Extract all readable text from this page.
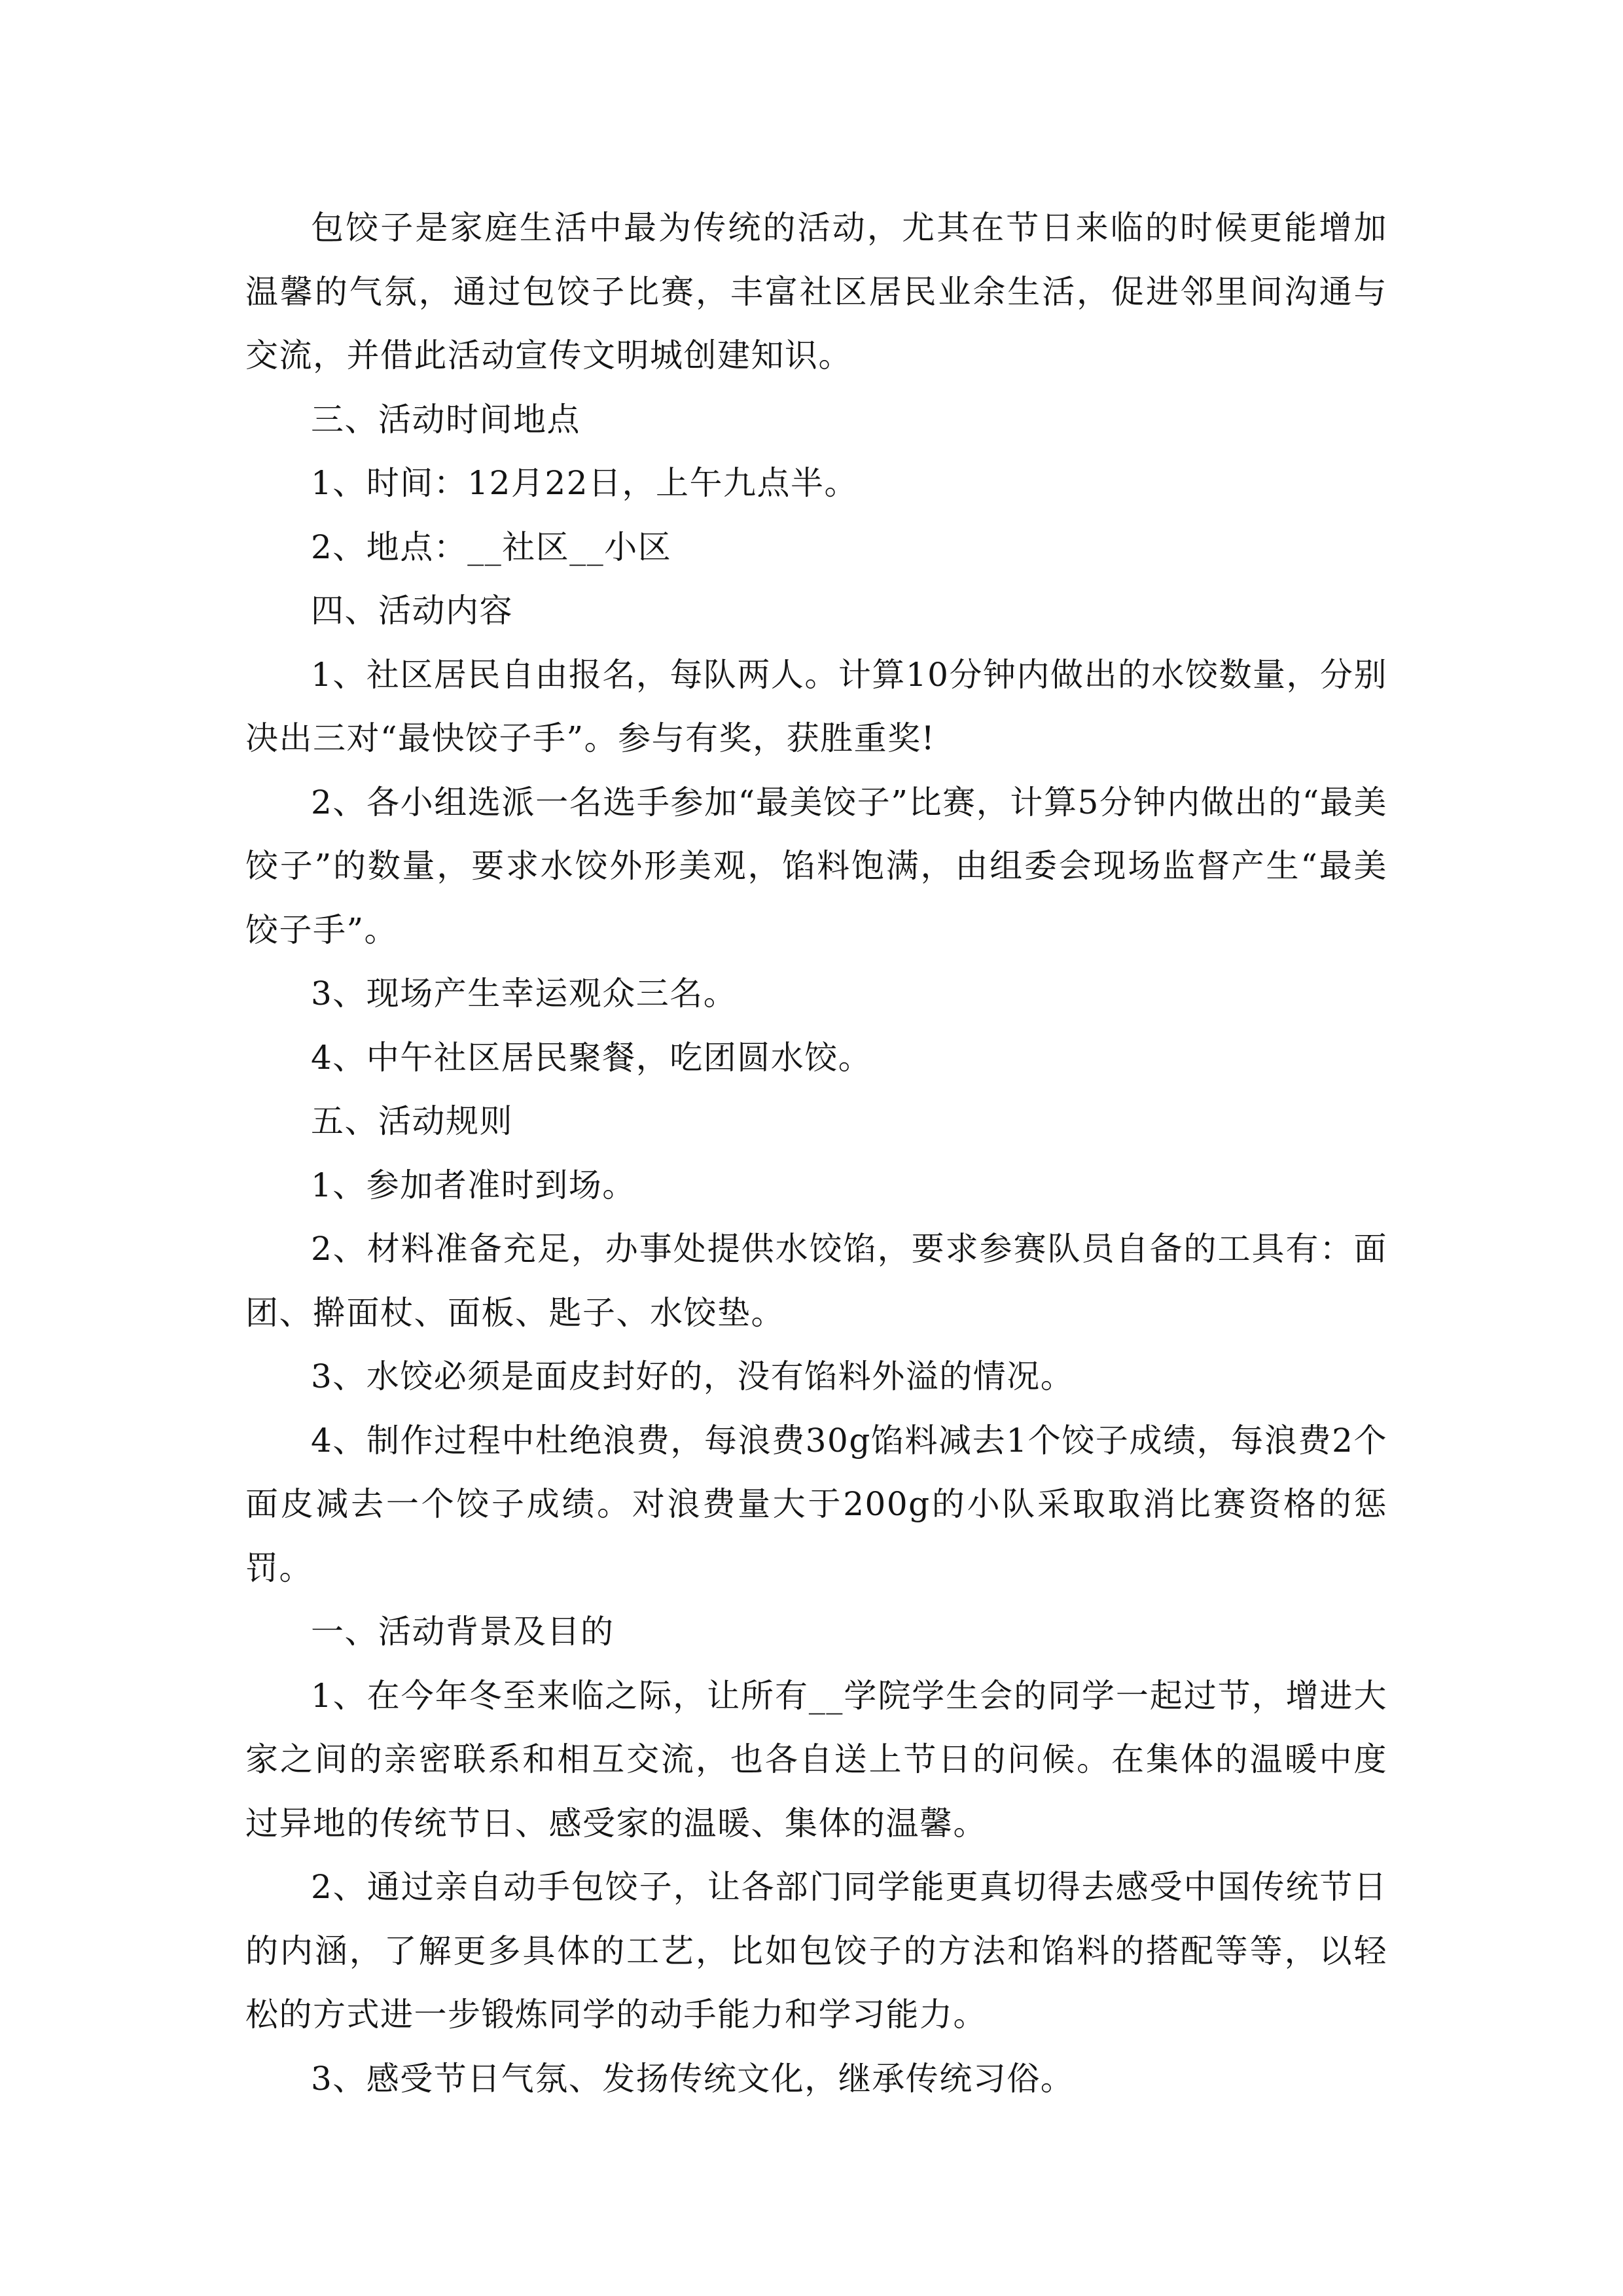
包饺子是家庭生活中最为传统的活动，尤其在节日来临的时候更能增加温馨的气氛，通过包饺子比赛，丰富社区居民业余生活，促进邻里间沟通与交流，并借此活动宣传文明城创建知识。

三、活动时间地点

1、时间：12月22日，上午九点半。

2、地点：__社区__小区

四、活动内容

1、社区居民自由报名，每队两人。计算10分钟内做出的水饺数量，分别决出三对“最快饺子手”。参与有奖，获胜重奖!

2、各小组选派一名选手参加“最美饺子”比赛，计算5分钟内做出的“最美饺子”的数量，要求水饺外形美观，馅料饱满，由组委会现场监督产生“最美饺子手”。

3、现场产生幸运观众三名。

4、中午社区居民聚餐，吃团圆水饺。

五、活动规则

1、参加者准时到场。

2、材料准备充足，办事处提供水饺馅，要求参赛队员自备的工具有：面团、擀面杖、面板、匙子、水饺垫。

3、水饺必须是面皮封好的，没有馅料外溢的情况。

4、制作过程中杜绝浪费，每浪费30g馅料减去1个饺子成绩，每浪费2个面皮减去一个饺子成绩。对浪费量大于200g的小队采取取消比赛资格的惩罚。

一、活动背景及目的

1、在今年冬至来临之际，让所有__学院学生会的同学一起过节，增进大家之间的亲密联系和相互交流，也各自送上节日的问候。在集体的温暖中度过异地的传统节日、感受家的温暖、集体的温馨。

2、通过亲自动手包饺子，让各部门同学能更真切得去感受中国传统节日的内涵，了解更多具体的工艺，比如包饺子的方法和馅料的搭配等等，以轻松的方式进一步锻炼同学的动手能力和学习能力。

3、感受节日气氛、发扬传统文化，继承传统习俗。
